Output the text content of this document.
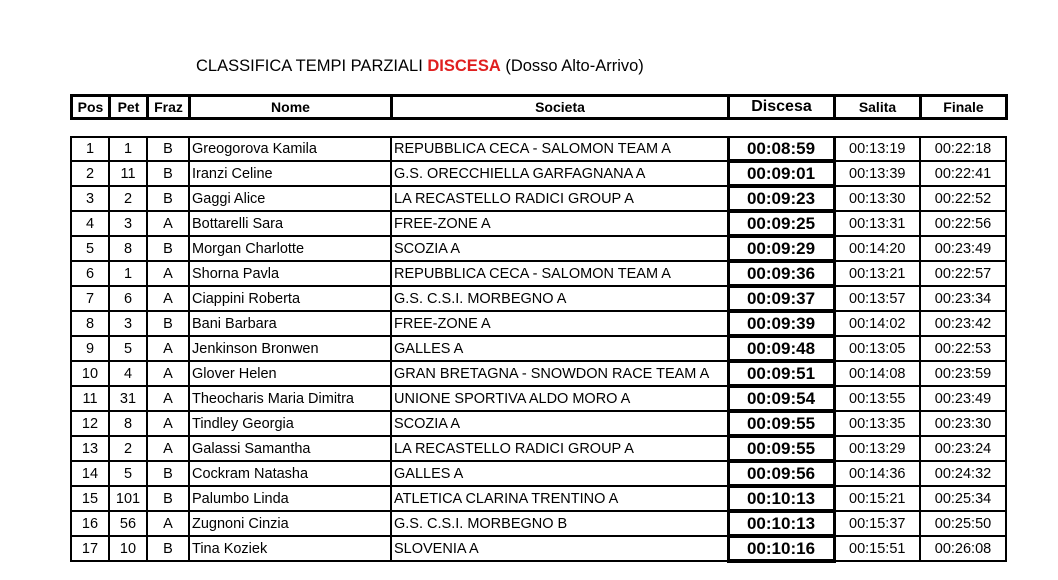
CLASSIFICA TEMPI PARZIALI DISCESA (Dosso Alto-Arrivo)
Pos	Pet	Fraz	Nome	Societa	Discesa	Salita	Finale
1	1	B	Greogorova Kamila	REPUBBLICA CECA - SALOMON TEAM A	00:08:59	00:13:19	00:22:18
2	11	B	Iranzi Celine	G.S. ORECCHIELLA GARFAGNANA A	00:09:01	00:13:39	00:22:41
3	2	B	Gaggi Alice	LA RECASTELLO RADICI GROUP A	00:09:23	00:13:30	00:22:52
4	3	A	Bottarelli Sara	FREE-ZONE A	00:09:25	00:13:31	00:22:56
5	8	B	Morgan Charlotte	SCOZIA A	00:09:29	00:14:20	00:23:49
6	1	A	Shorna Pavla	REPUBBLICA CECA - SALOMON TEAM A	00:09:36	00:13:21	00:22:57
7	6	A	Ciappini Roberta	G.S. C.S.I. MORBEGNO A	00:09:37	00:13:57	00:23:34
8	3	B	Bani Barbara	FREE-ZONE A	00:09:39	00:14:02	00:23:42
9	5	A	Jenkinson Bronwen	GALLES A	00:09:48	00:13:05	00:22:53
10	4	A	Glover Helen	GRAN BRETAGNA - SNOWDON RACE TEAM A	00:09:51	00:14:08	00:23:59
11	31	A	Theocharis Maria Dimitra	UNIONE SPORTIVA ALDO MORO A	00:09:54	00:13:55	00:23:49
12	8	A	Tindley Georgia	SCOZIA A	00:09:55	00:13:35	00:23:30
13	2	A	Galassi Samantha	LA RECASTELLO RADICI GROUP A	00:09:55	00:13:29	00:23:24
14	5	B	Cockram Natasha	GALLES A	00:09:56	00:14:36	00:24:32
15	101	B	Palumbo Linda	ATLETICA CLARINA TRENTINO A	00:10:13	00:15:21	00:25:34
16	56	A	Zugnoni Cinzia	G.S. C.S.I. MORBEGNO B	00:10:13	00:15:37	00:25:50
17	10	B	Tina Koziek	SLOVENIA A	00:10:16	00:15:51	00:26:08
